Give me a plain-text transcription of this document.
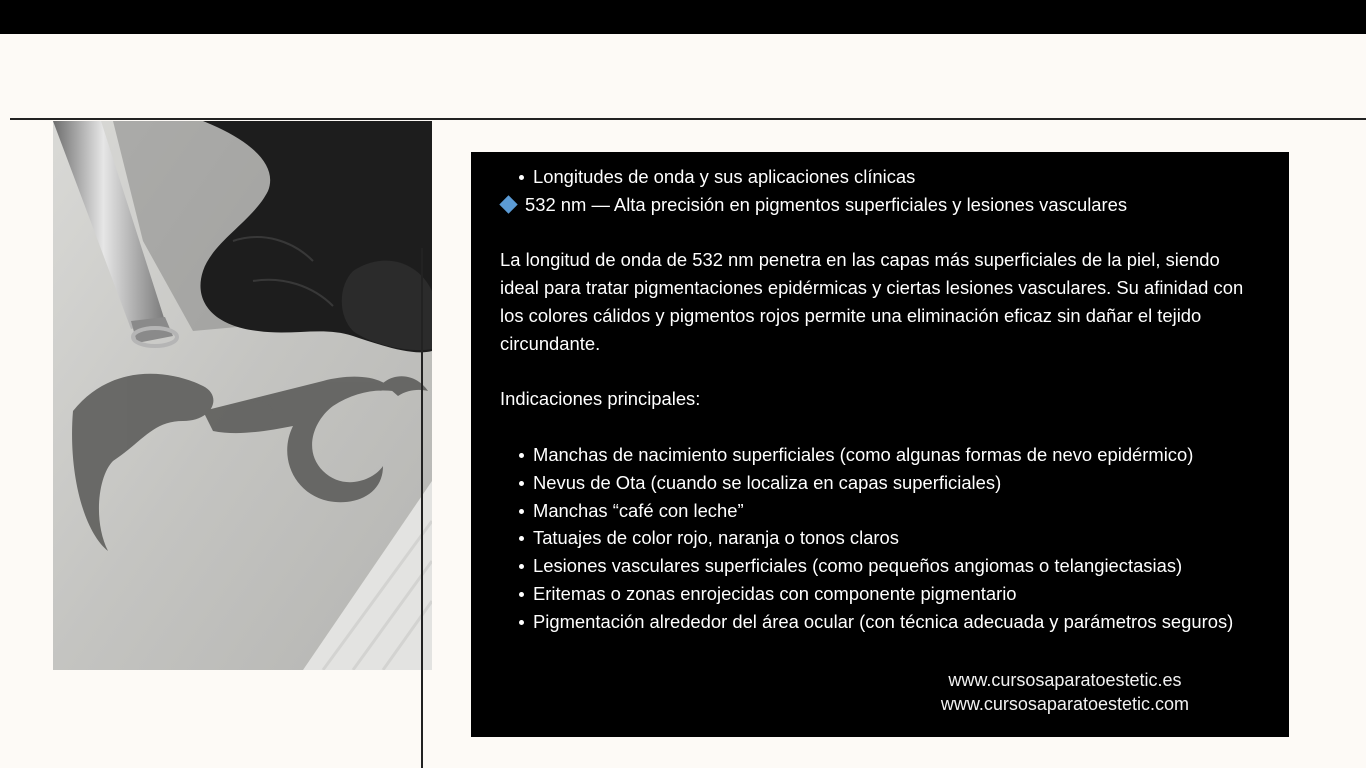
Longitudes de onda y sus aplicaciones clínicas
532 nm — Alta precisión en pigmentos superficiales y lesiones vasculares

La longitud de onda de 532 nm penetra en las capas más superficiales de la piel, siendo ideal para tratar pigmentaciones epidérmicas y ciertas lesiones vasculares. Su afinidad con los colores cálidos y pigmentos rojos permite una eliminación eficaz sin dañar el tejido circundante.

Indicaciones principales:

Manchas de nacimiento superficiales (como algunas formas de nevo epidérmico)
Nevus de Ota (cuando se localiza en capas superficiales)
Manchas “café con leche”
Tatuajes de color rojo, naranja o tonos claros
Lesiones vasculares superficiales (como pequeños angiomas o telangiectasias)
Eritemas o zonas enrojecidas con componente pigmentario
Pigmentación alrededor del área ocular (con técnica adecuada y parámetros seguros)
www.cursosaparatoestetic.es
www.cursosaparatoestetic.com
